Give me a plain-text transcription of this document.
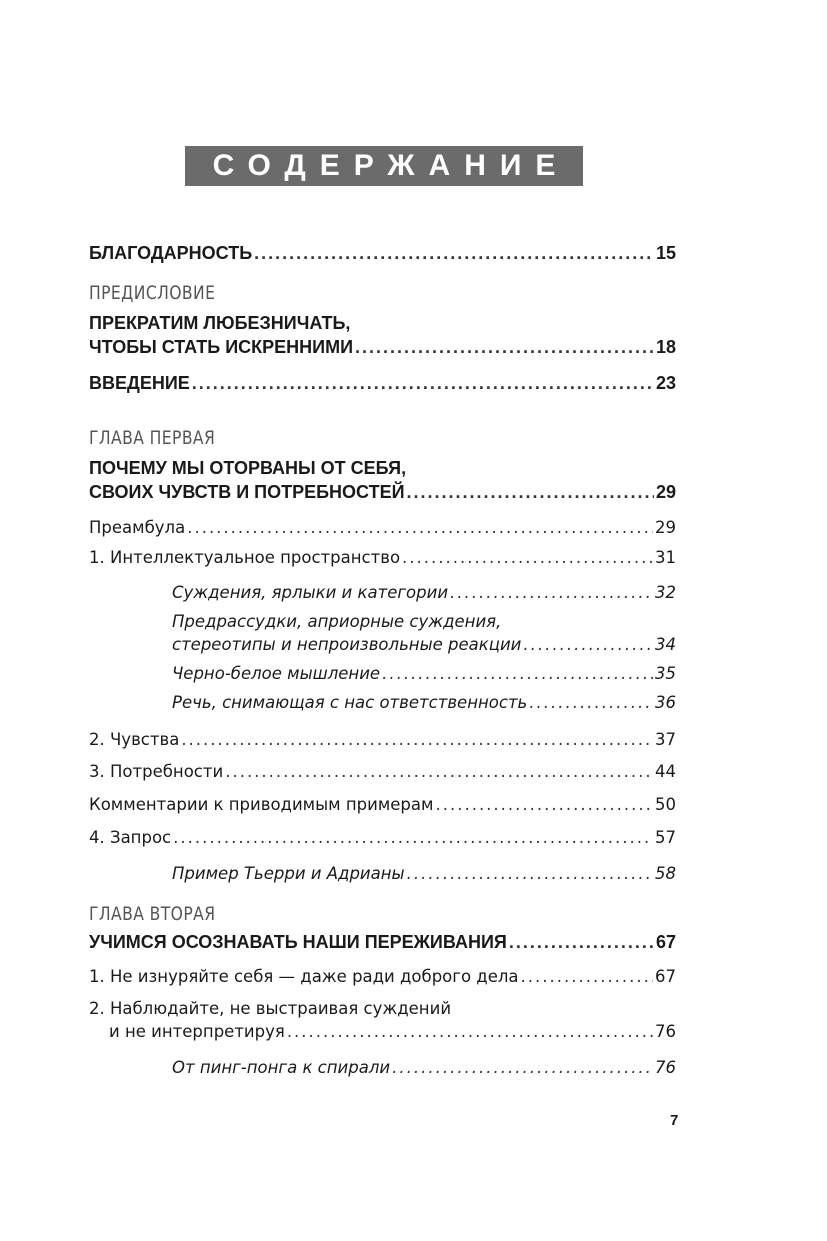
СОДЕРЖАНИЕ
БЛАГОДАРНОСТЬ .....	15
ПРЕДИСЛОВИЕ
ПРЕКРАТИМ ЛЮБЕЗНИЧАТЬ,
ЧТОБЫ СТАТЬ ИСКРЕННИМИ .....	18
ВВЕДЕНИЕ .....	23
ГЛАВА ПЕРВАЯ
ПОЧЕМУ МЫ ОТОРВАНЫ ОТ СЕБЯ,
СВОИХ ЧУВСТВ И ПОТРЕБНОСТЕЙ .....	29
Преамбула .....	29
1. Интеллектуальное пространство .....	31
Суждения, ярлыки и категории .....	32
Предрассудки, априорные суждения,
стереотипы и непроизвольные реакции .....	34
Черно-белое мышление .....	35
Речь, снимающая с нас ответственность .....	36
2. Чувства .....	37
3. Потребности .....	44
Комментарии к приводимым примерам .....	50
4. Запрос .....	57
Пример Тьерри и Адрианы .....	58
ГЛАВА ВТОРАЯ
УЧИМСЯ ОСОЗНАВАТЬ НАШИ ПЕРЕЖИВАНИЯ .....	67
1. Не изнуряйте себя — даже ради доброго дела .....	67
2. Наблюдайте, не выстраивая суждений
и не интерпретируя .....	76
От пинг-понга к спирали .....	76
7
